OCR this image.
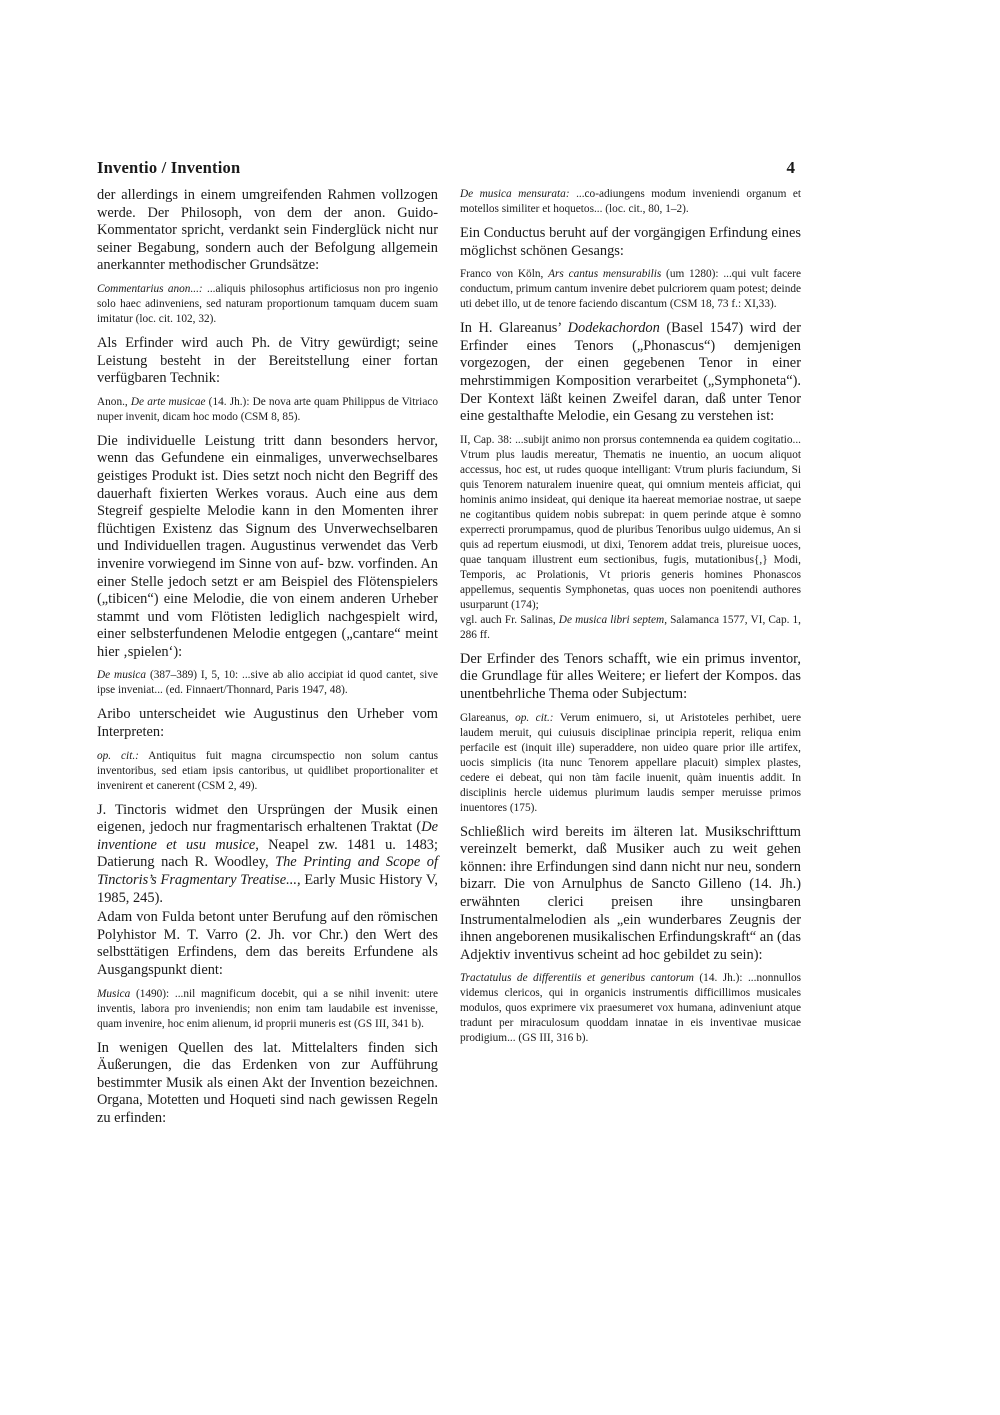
Inventio / Invention	4

der allerdings in einem umgreifenden Rahmen vollzogen werde. Der Philosoph, von dem der anon. Guido-Kommentator spricht, verdankt sein Finderglück nicht nur seiner Begabung, sondern auch der Befolgung allgemein anerkannter methodischer Grundsätze:

Commentarius anon...: ...aliquis philosophus artificiosus non pro ingenio solo haec adinveniens, sed naturam proportionum tamquam ducem suam imitatur (loc. cit. 102, 32).

Als Erfinder wird auch Ph. de Vitry gewürdigt; seine Leistung besteht in der Bereitstellung einer fortan verfügbaren Technik:

Anon., De arte musicae (14. Jh.): De nova arte quam Philippus de Vitriaco nuper invenit, dicam hoc modo (CSM 8, 85).

Die individuelle Leistung tritt dann besonders hervor, wenn das Gefundene ein einmaliges, unverwechselbares geistiges Produkt ist. Dies setzt noch nicht den Begriff des dauerhaft fixierten Werkes voraus. Auch eine aus dem Stegreif gespielte Melodie kann in den Momenten ihrer flüchtigen Existenz das Signum des Unverwechselbaren und Individuellen tragen. Augustinus verwendet das Verb invenire vorwiegend im Sinne von auf- bzw. vorfinden. An einer Stelle jedoch setzt er am Beispiel des Flötenspielers („tibicen“) eine Melodie, die von einem anderen Urheber stammt und vom Flötisten lediglich nachgespielt wird, einer selbsterfundenen Melodie entgegen („cantare“ meint hier ‚spielen‘):

De musica (387–389) I, 5, 10: ...sive ab alio accipiat id quod cantet, sive ipse inveniat... (ed. Finnaert/Thonnard, Paris 1947, 48).

Aribo unterscheidet wie Augustinus den Urheber vom Interpreten:

op. cit.: Antiquitus fuit magna circumspectio non solum cantus inventoribus, sed etiam ipsis cantoribus, ut quidlibet proportionaliter et invenirent et canerent (CSM 2, 49).

J. Tinctoris widmet den Ursprüngen der Musik einen eigenen, jedoch nur fragmentarisch erhaltenen Traktat (De inventione et usu musice, Neapel zw. 1481 u. 1483; Datierung nach R. Woodley, The Printing and Scope of Tinctoris’s Fragmentary Treatise..., Early Music History V, 1985, 245).

Adam von Fulda betont unter Berufung auf den römischen Polyhistor M. T. Varro (2. Jh. vor Chr.) den Wert des selbsttätigen Erfindens, dem das bereits Erfundene als Ausgangspunkt dient:

Musica (1490): ...nil magnificum docebit, qui a se nihil invenit: utere inventis, labora pro inveniendis; non enim tam laudabile est invenisse, quam invenire, hoc enim alienum, id proprii muneris est (GS III, 341 b).

In wenigen Quellen des lat. Mittelalters finden sich Äußerungen, die das Erdenken von zur Aufführung bestimmter Musik als einen Akt der Invention bezeichnen. Organa, Motetten und Hoqueti sind nach gewissen Regeln zu erfinden:

De musica mensurata: ...co-adiungens modum inveniendi organum et motellos similiter et hoquetos... (loc. cit., 80, 1–2).

Ein Conductus beruht auf der vorgängigen Erfindung eines möglichst schönen Gesangs:

Franco von Köln, Ars cantus mensurabilis (um 1280): ...qui vult facere conductum, primum cantum invenire debet pulcriorem quam potest; deinde uti debet illo, ut de tenore faciendo discantum (CSM 18, 73 f.: XI,33).

In H. Glareanus’ Dodekachordon (Basel 1547) wird der Erfinder eines Tenors („Phonascus“) demjenigen vorgezogen, der einen gegebenen Tenor in einer mehrstimmigen Komposition verarbeitet („Symphoneta“). Der Kontext läßt keinen Zweifel daran, daß unter Tenor eine gestalthafte Melodie, ein Gesang zu verstehen ist:

II, Cap. 38: ...subijt animo non prorsus contemnenda ea quidem cogitatio... Vtrum plus laudis mereatur, Thematis ne inuentio, an uocum aliquot accessus, hoc est, ut rudes quoque intelligant: Vtrum pluris faciundum, Si quis Tenorem naturalem inuenire queat, qui omnium menteis afficiat, qui hominis animo insideat, qui denique ita haereat memoriae nostrae, ut saepe ne cogitantibus quidem nobis subrepat: in quem perinde atque è somno experrecti prorumpamus, quod de pluribus Tenoribus uulgo uidemus, An si quis ad repertum eiusmodi, ut dixi, Tenorem addat treis, plureisue uoces, quae tanquam illustrent eum sectionibus, fugis, mutationibus{,} Modi, Temporis, ac Prolationis, Vt prioris generis homines Phonascos appellemus, sequentis Symphonetas, quas uoces non poenitendi authores usurparunt (174);

vgl. auch Fr. Salinas, De musica libri septem, Salamanca 1577, VI, Cap. 1, 286 ff.

Der Erfinder des Tenors schafft, wie ein primus inventor, die Grundlage für alles Weitere; er liefert der Kompos. das unentbehrliche Thema oder Subjectum:

Glareanus, op. cit.: Verum enimuero, si, ut Aristoteles perhibet, uere laudem meruit, qui cuiusuis disciplinae principia reperit, reliqua enim perfacile est (inquit ille) superaddere, non uideo quare prior ille artifex, uocis simplicis (ita nunc Tenorem appellare placuit) simplex plastes, cedere ei debeat, qui non tàm facile inuenit, quàm inuentis addit. In disciplinis hercle uidemus plurimum laudis semper meruisse primos inuentores (175).

Schließlich wird bereits im älteren lat. Musikschrifttum vereinzelt bemerkt, daß Musiker auch zu weit gehen können: ihre Erfindungen sind dann nicht nur neu, sondern bizarr. Die von Arnulphus de Sancto Gilleno (14. Jh.) erwähnten clerici preisen ihre unsingbaren Instrumentalmelodien als „ein wunderbares Zeugnis der ihnen angeborenen musikalischen Erfindungskraft“ an (das Adjektiv inventivus scheint ad hoc gebildet zu sein):

Tractatulus de differentiis et generibus cantorum (14. Jh.): ...nonnullos videmus clericos, qui in organicis instrumentis difficillimos musicales modulos, quos exprimere vix praesumeret vox humana, adinveniunt atque tradunt per miraculosum quoddam innatae in eis inventivae musicae prodigium... (GS III, 316 b).
